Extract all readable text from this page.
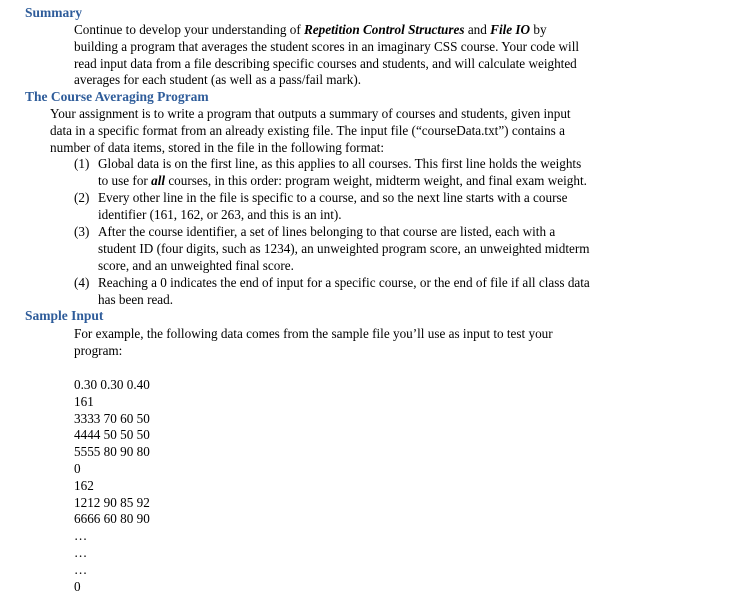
Summary
Continue to develop your understanding of Repetition Control Structures and File IO by
building a program that averages the student scores in an imaginary CSS course. Your code will
read input data from a file describing specific courses and students, and will calculate weighted
averages for each student (as well as a pass/fail mark).
The Course Averaging Program
Your assignment is to write a program that outputs a summary of courses and students, given input
data in a specific format from an already existing file. The input file (“courseData.txt”) contains a
number of data items, stored in the file in the following format:
(1) Global data is on the first line, as this applies to all courses. This first line holds the weights
to use for all courses, in this order: program weight, midterm weight, and final exam weight.
(2) Every other line in the file is specific to a course, and so the next line starts with a course
identifier (161, 162, or 263, and this is an int).
(3) After the course identifier, a set of lines belonging to that course are listed, each with a
student ID (four digits, such as 1234), an unweighted program score, an unweighted midterm
score, and an unweighted final score.
(4) Reaching a 0 indicates the end of input for a specific course, or the end of file if all class data
has been read.
Sample Input
For example, the following data comes from the sample file you’ll use as input to test your
program:
0.30 0.30 0.40
161
3333 70 60 50
4444 50 50 50
5555 80 90 80
0
162
1212 90 85 92
6666 60 80 90
…
…
…
0
